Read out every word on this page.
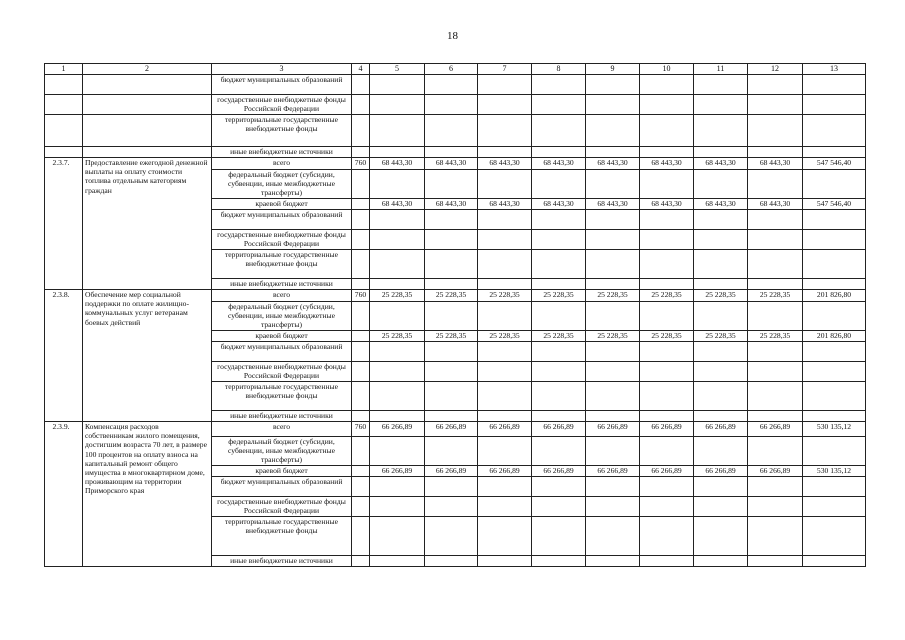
18
1	2	3	4	5	6	7	8	9	10	11	12	13
		бюджет муниципальных образований										
		государственные внебюджетные фонды Российской Федерации										
		территориальные государственные внебюджетные фонды										
		иные внебюджетные источники										
2.3.7.	Предоставление ежегодной денежной выплаты на оплату стоимости топлива отдельным категориям граждан	всего	760	68 443,30	68 443,30	68 443,30	68 443,30	68 443,30	68 443,30	68 443,30	68 443,30	547 546,40
		федеральный бюджет (субсидии, субвенции, иные межбюджетные трансферты)										
		краевой бюджет		68 443,30	68 443,30	68 443,30	68 443,30	68 443,30	68 443,30	68 443,30	68 443,30	547 546,40
		бюджет муниципальных образований										
		государственные внебюджетные фонды Российской Федерации										
		территориальные государственные внебюджетные фонды										
		иные внебюджетные источники										
2.3.8.	Обеспечение мер социальной поддержки по оплате жилищно-коммунальных услуг ветеранам боевых действий	всего	760	25 228,35	25 228,35	25 228,35	25 228,35	25 228,35	25 228,35	25 228,35	25 228,35	201 826,80
		федеральный бюджет (субсидии, субвенции, иные межбюджетные трансферты)										
		краевой бюджет		25 228,35	25 228,35	25 228,35	25 228,35	25 228,35	25 228,35	25 228,35	25 228,35	201 826,80
		бюджет муниципальных образований										
		государственные внебюджетные фонды Российской Федерации										
		территориальные государственные внебюджетные фонды										
		иные внебюджетные источники										
2.3.9.	Компенсация расходов собственникам жилого помещения, достигшим возраста 70 лет, в размере 100 процентов на оплату взноса на капитальный ремонт общего имущества в многоквартирном доме, проживающим на территории Приморского края	всего	760	66 266,89	66 266,89	66 266,89	66 266,89	66 266,89	66 266,89	66 266,89	66 266,89	530 135,12
		федеральный бюджет (субсидии, субвенции, иные межбюджетные трансферты)										
		краевой бюджет		66 266,89	66 266,89	66 266,89	66 266,89	66 266,89	66 266,89	66 266,89	66 266,89	530 135,12
		бюджет муниципальных образований										
		государственные внебюджетные фонды Российской Федерации										
		территориальные государственные внебюджетные фонды										
		иные внебюджетные источники										
